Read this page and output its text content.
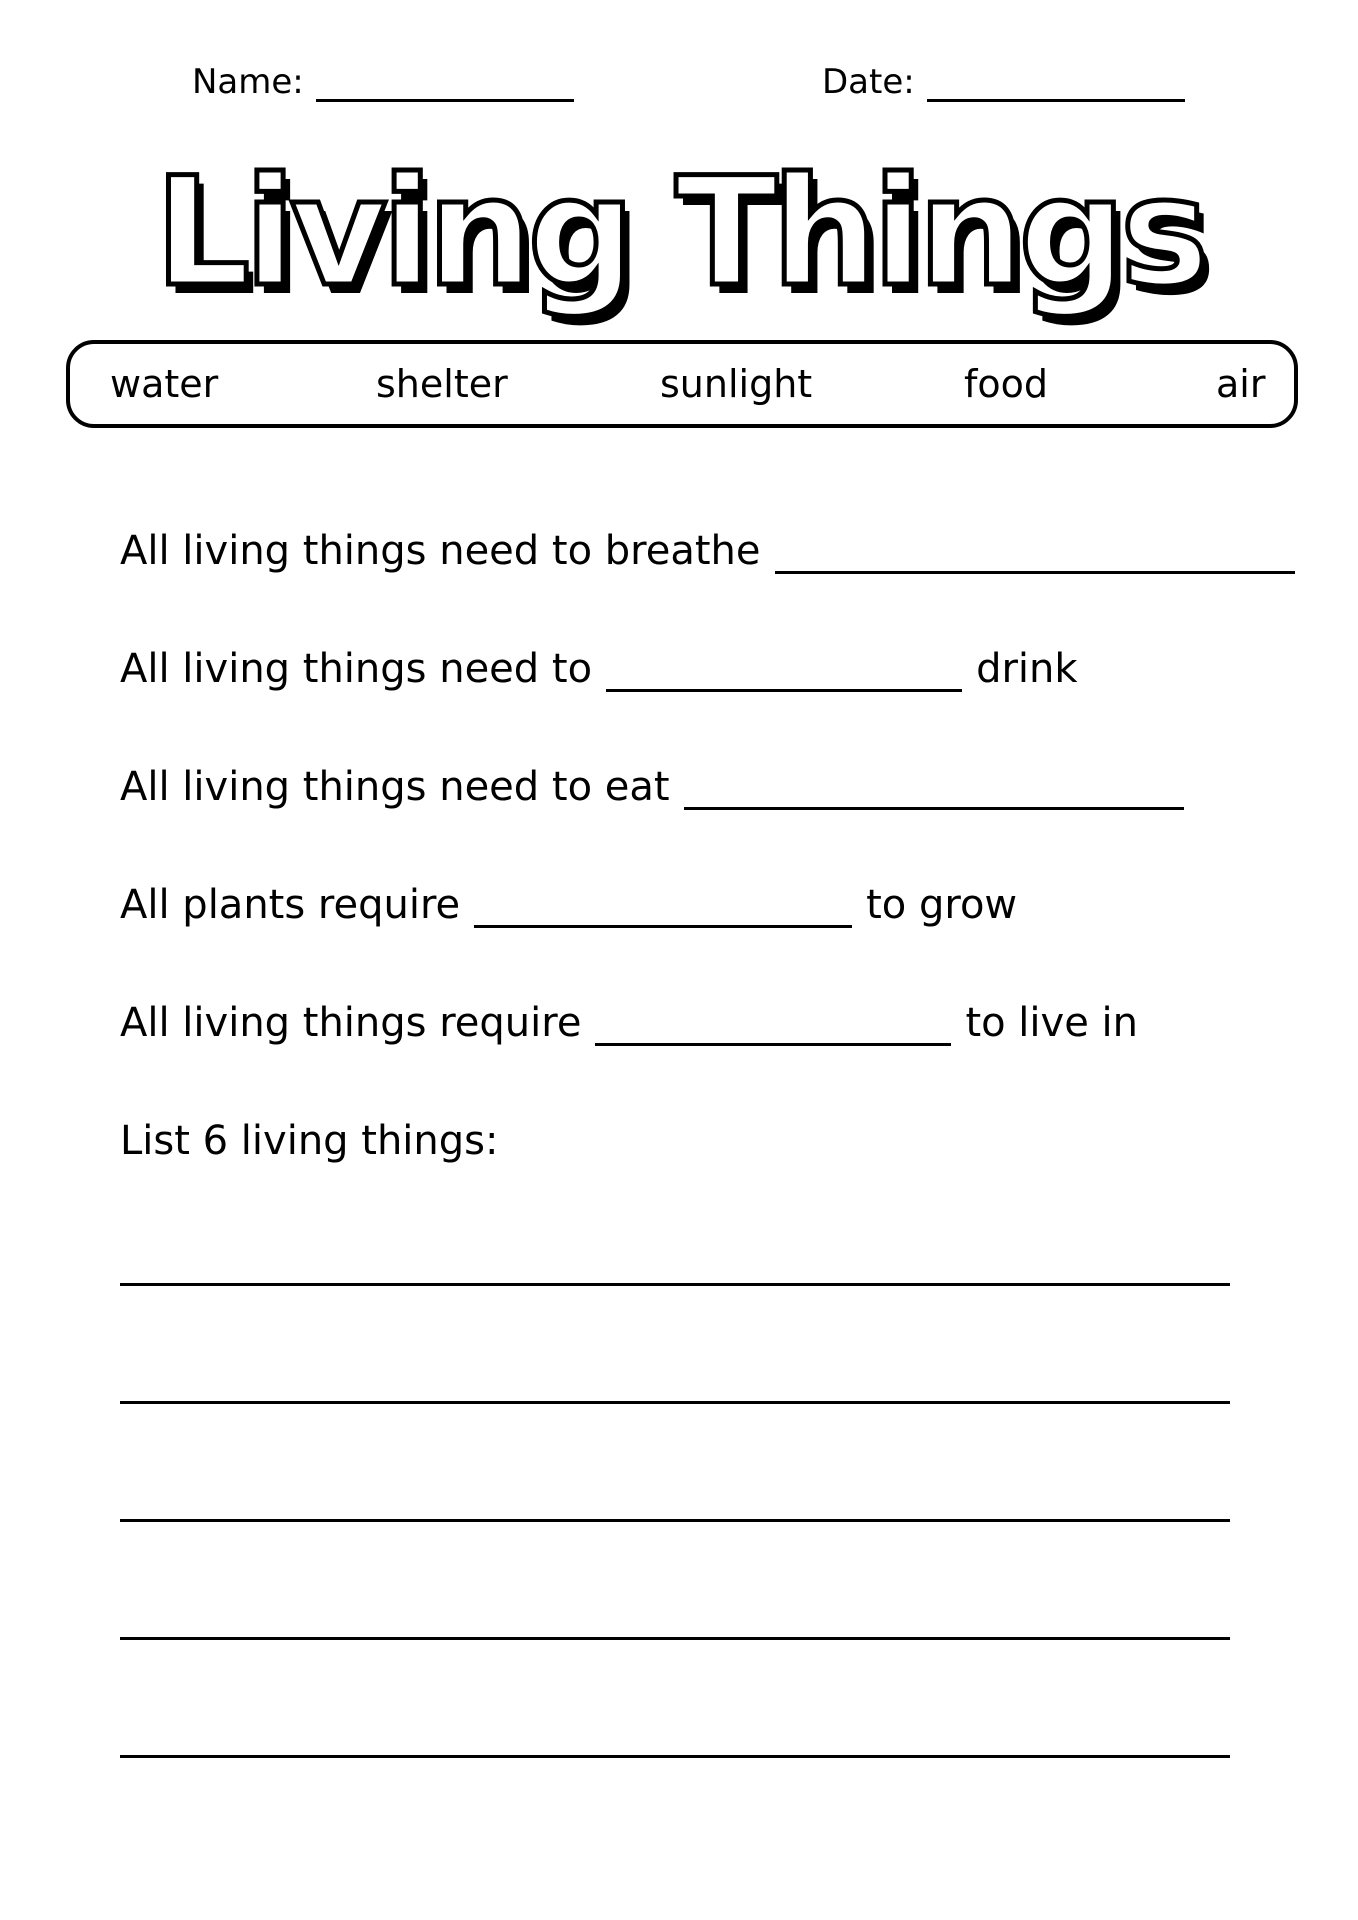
Name:	Date:
Living Things
water	shelter	sunlight	food	air
All living things need to breathe
All living things need to	drink
All living things need to eat
All plants require	to grow
All living things require	to live in
List 6 living things:
